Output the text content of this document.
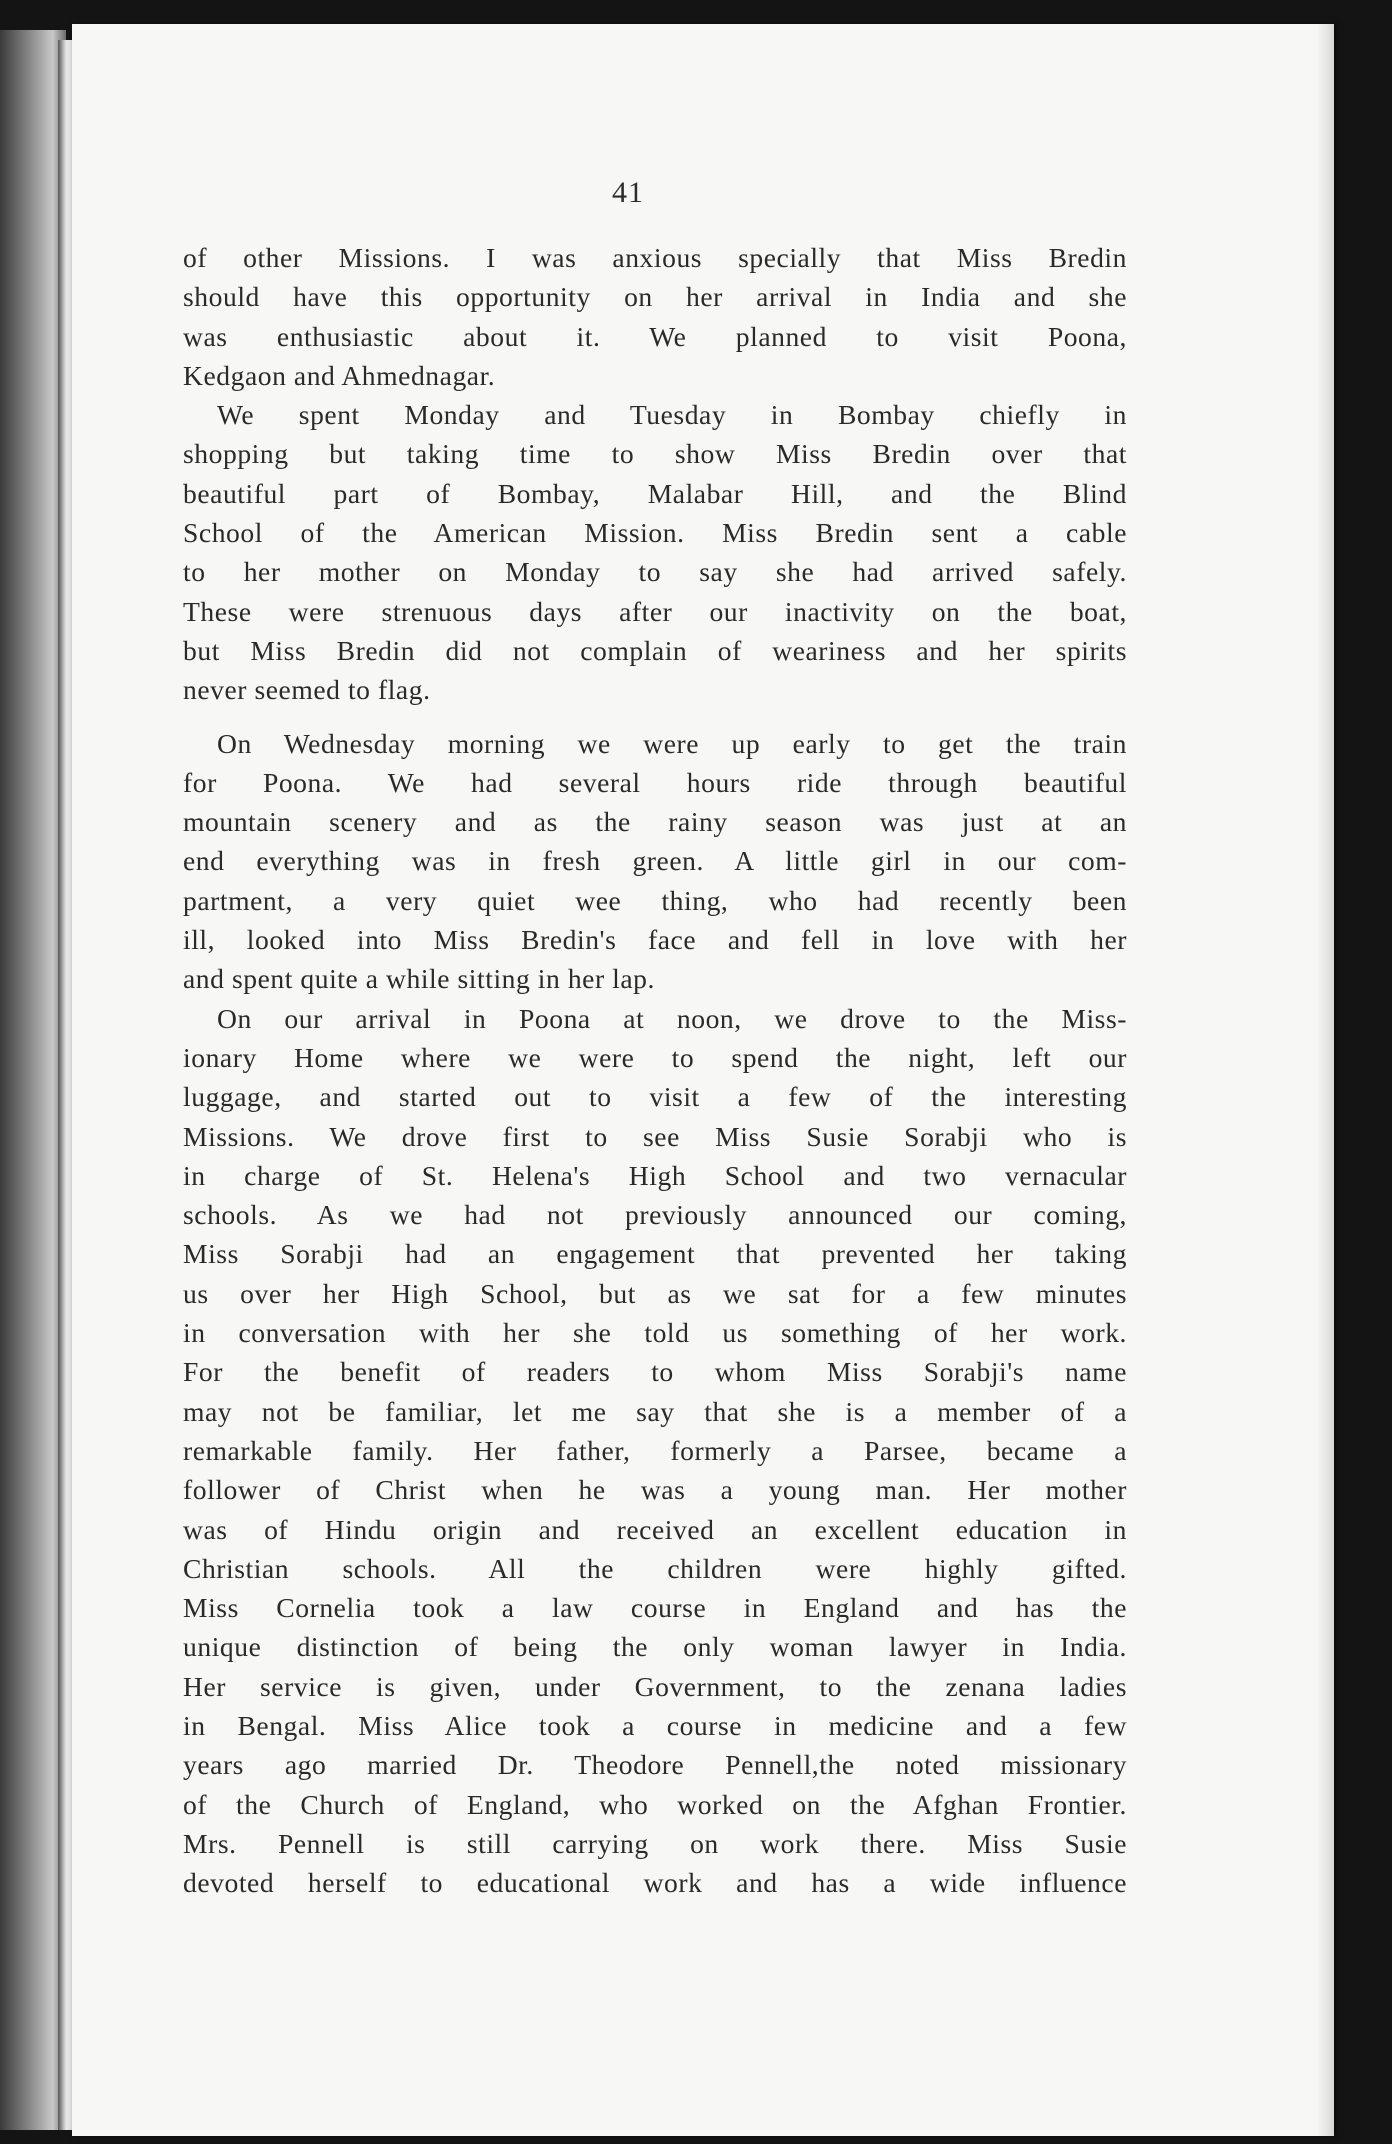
41
of other Missions. I was anxious specially that Miss Bredin
should have this opportunity on her arrival in India and she
was enthusiastic about it. We planned to visit Poona,
Kedgaon and Ahmednagar.
We spent Monday and Tuesday in Bombay chiefly in
shopping but taking time to show Miss Bredin over that
beautiful part of Bombay, Malabar Hill, and the Blind
School of the American Mission. Miss Bredin sent a cable
to her mother on Monday to say she had arrived safely.
These were strenuous days after our inactivity on the boat,
but Miss Bredin did not complain of weariness and her spirits
never seemed to flag.
On Wednesday morning we were up early to get the train
for Poona. We had several hours ride through beautiful
mountain scenery and as the rainy season was just at an
end everything was in fresh green. A little girl in our com-
partment, a very quiet wee thing, who had recently been
ill, looked into Miss Bredin's face and fell in love with her
and spent quite a while sitting in her lap.
On our arrival in Poona at noon, we drove to the Miss-
ionary Home where we were to spend the night, left our
luggage, and started out to visit a few of the interesting
Missions. We drove first to see Miss Susie Sorabji who is
in charge of St. Helena's High School and two vernacular
schools. As we had not previously announced our coming,
Miss Sorabji had an engagement that prevented her taking
us over her High School, but as we sat for a few minutes
in conversation with her she told us something of her work.
For the benefit of readers to whom Miss Sorabji's name
may not be familiar, let me say that she is a member of a
remarkable family. Her father, formerly a Parsee, became a
follower of Christ when he was a young man. Her mother
was of Hindu origin and received an excellent education in
Christian schools. All the children were highly gifted.
Miss Cornelia took a law course in England and has the
unique distinction of being the only woman lawyer in India.
Her service is given, under Government, to the zenana ladies
in Bengal. Miss Alice took a course in medicine and a few
years ago married Dr. Theodore Pennell,the noted missionary
of the Church of England, who worked on the Afghan Frontier.
Mrs. Pennell is still carrying on work there. Miss Susie
devoted herself to educational work and has a wide influence
